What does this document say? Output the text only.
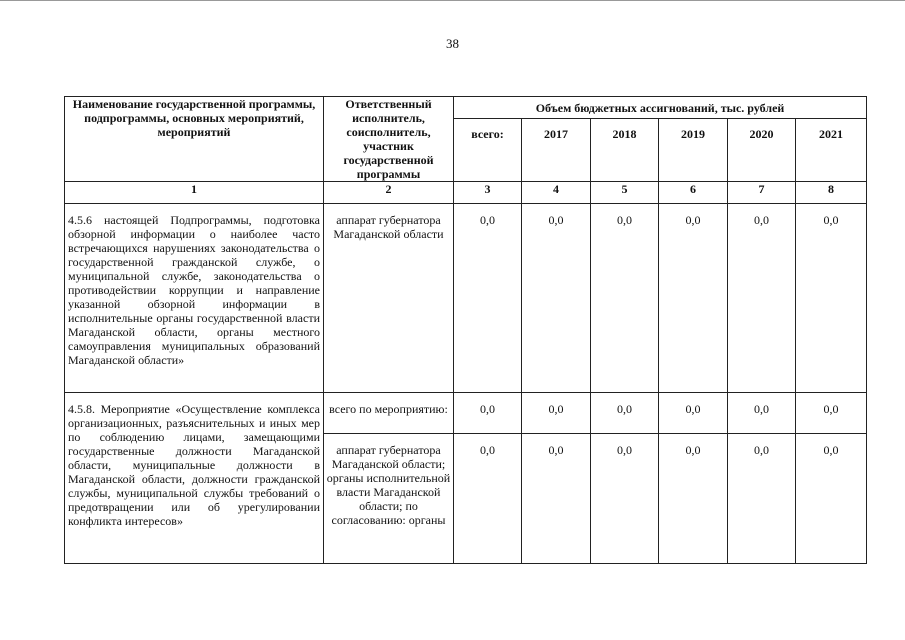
38
Наименование государственной программы, подпрограммы, основных мероприятий, мероприятий	Ответственный исполнитель, соисполнитель, участник государственной программы	Объем бюджетных ассигнований, тыс. рублей					
		всего:	2017	2018	2019	2020	2021
1	2	3	4	5	6	7	8
4.5.6 настоящей Подпрограммы, подготовка обзорной информации о наиболее часто встречающихся нарушениях законодательства о государственной гражданской службе, о муниципальной службе, законодательства о противодействии коррупции и направление указанной обзорной информации в исполнительные органы государственной власти Магаданской области, органы местного самоуправления муниципальных образований Магаданской области»	аппарат губернатора Магаданской области	0,0	0,0	0,0	0,0	0,0	0,0
4.5.8. Мероприятие «Осуществление комплекса организационных, разъяснительных и иных мер по соблюдению лицами, замещающими государственные должности Магаданской области, муниципальные должности в Магаданской области, должности гражданской службы, муниципальной службы требований о предотвращении или об урегулировании конфликта интересов»	всего по мероприятию:	0,0	0,0	0,0	0,0	0,0	0,0
	аппарат губернатора Магаданской области; органы исполнительной власти Магаданской области; по согласованию: органы	0,0	0,0	0,0	0,0	0,0	0,0
